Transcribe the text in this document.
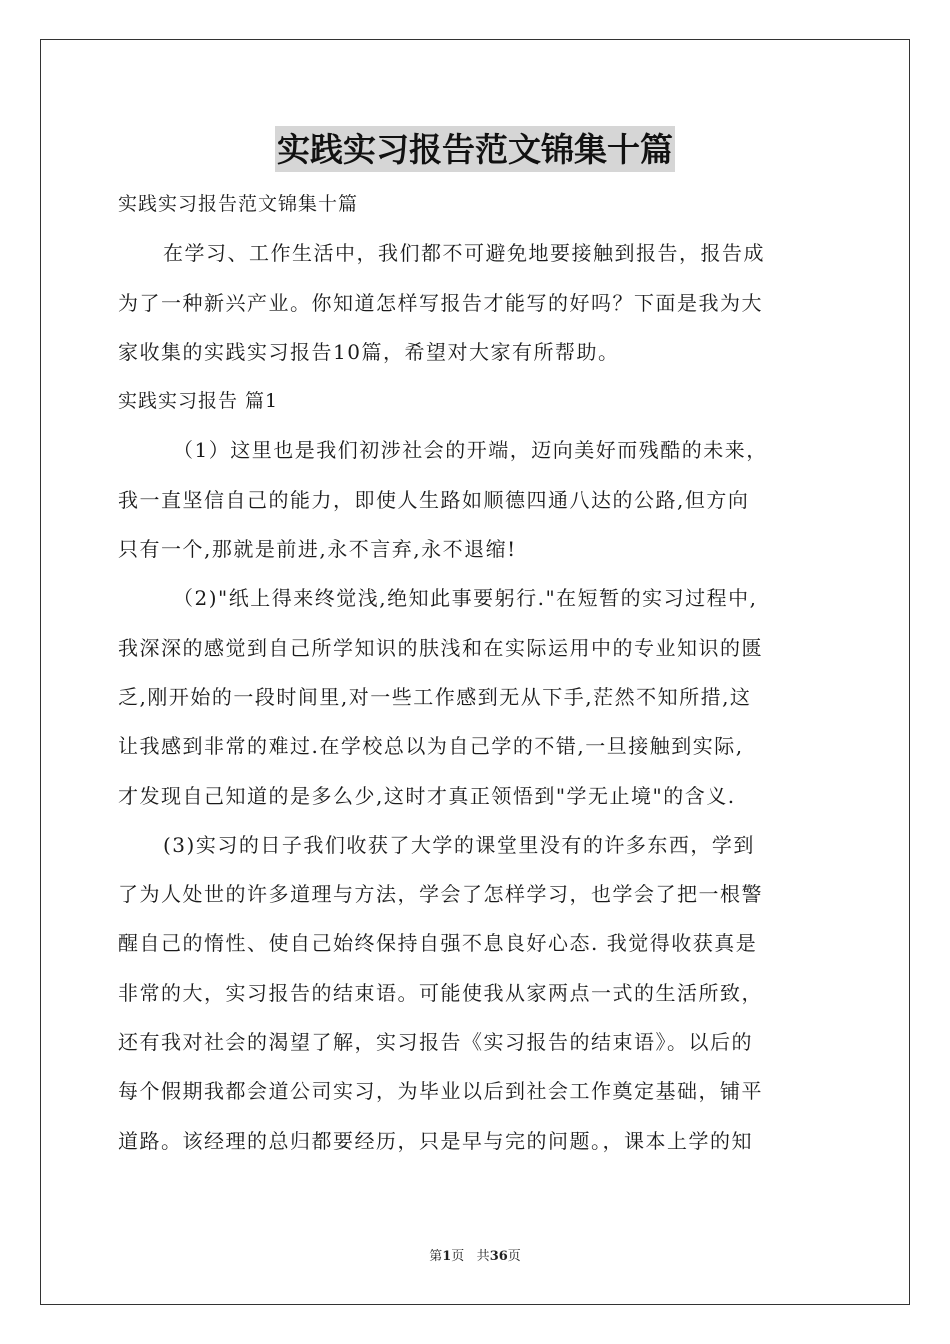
实践实习报告范文锦集十篇
实践实习报告范文锦集十篇
在学习、工作生活中，我们都不可避免地要接触到报告，报告成
为了一种新兴产业。你知道怎样写报告才能写的好吗？下面是我为大
家收集的实践实习报告10篇，希望对大家有所帮助。
实践实习报告 篇1
（1）这里也是我们初涉社会的开端，迈向美好而残酷的未来，
我一直坚信自己的能力，即使人生路如顺德四通八达的公路,但方向
只有一个,那就是前进,永不言弃,永不退缩!
（2)"纸上得来终觉浅,绝知此事要躬行."在短暂的实习过程中,
我深深的感觉到自己所学知识的肤浅和在实际运用中的专业知识的匮
乏,刚开始的一段时间里,对一些工作感到无从下手,茫然不知所措,这
让我感到非常的难过.在学校总以为自己学的不错,一旦接触到实际,
才发现自己知道的是多么少,这时才真正领悟到"学无止境"的含义.
(3)实习的日子我们收获了大学的课堂里没有的许多东西，学到
了为人处世的许多道理与方法，学会了怎样学习，也学会了把一根警
醒自己的惰性、使自己始终保持自强不息良好心态. 我觉得收获真是
非常的大，实习报告的结束语。可能使我从家两点一式的生活所致，
还有我对社会的渴望了解，实习报告《实习报告的结束语》。以后的
每个假期我都会道公司实习，为毕业以后到社会工作奠定基础，铺平
道路。该经理的总归都要经历，只是早与完的问题。，课本上学的知
第1页 共36页
